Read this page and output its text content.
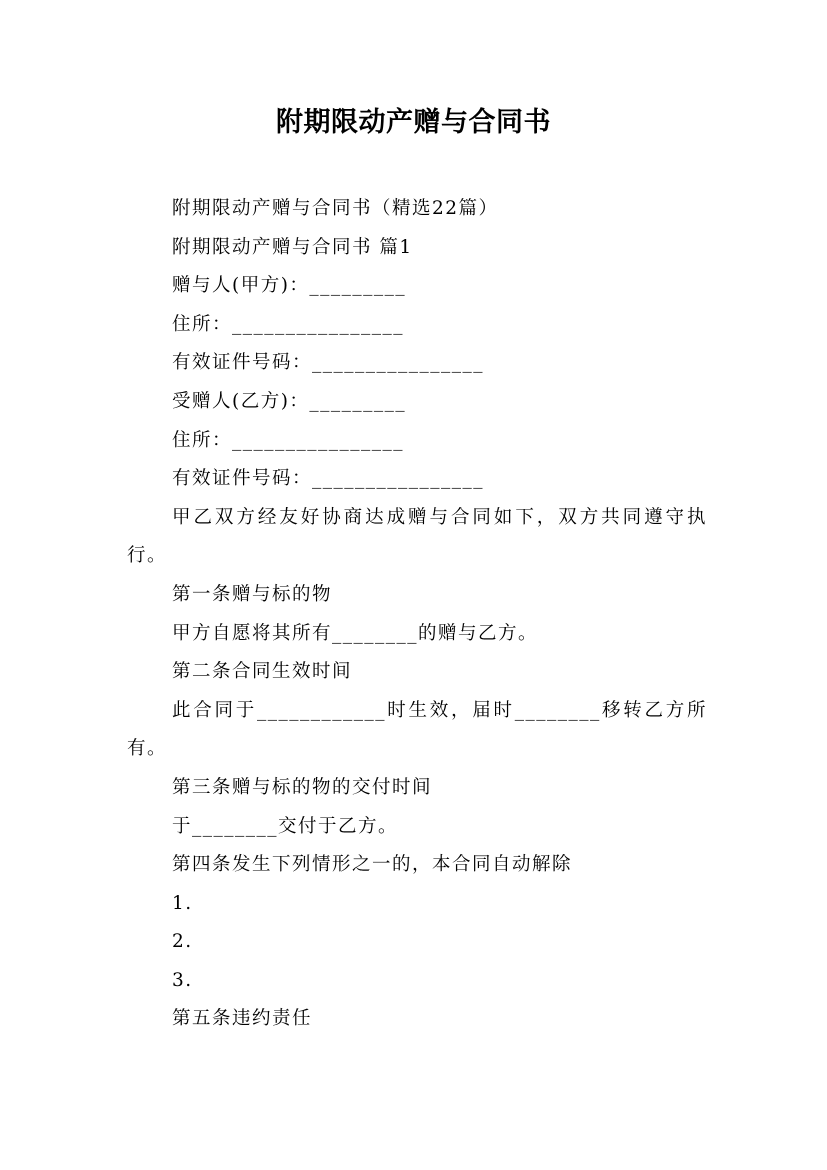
附期限动产赠与合同书

附期限动产赠与合同书（精选22篇）

附期限动产赠与合同书 篇1

赠与人(甲方)：_________

住所：________________

有效证件号码：________________

受赠人(乙方)：_________

住所：________________

有效证件号码：________________

甲乙双方经友好协商达成赠与合同如下，双方共同遵守执行。

第一条赠与标的物

甲方自愿将其所有________的赠与乙方。

第二条合同生效时间

此合同于____________时生效，届时________移转乙方所有。

第三条赠与标的物的交付时间

于________交付于乙方。

第四条发生下列情形之一的，本合同自动解除

1.

2.

3.

第五条违约责任
